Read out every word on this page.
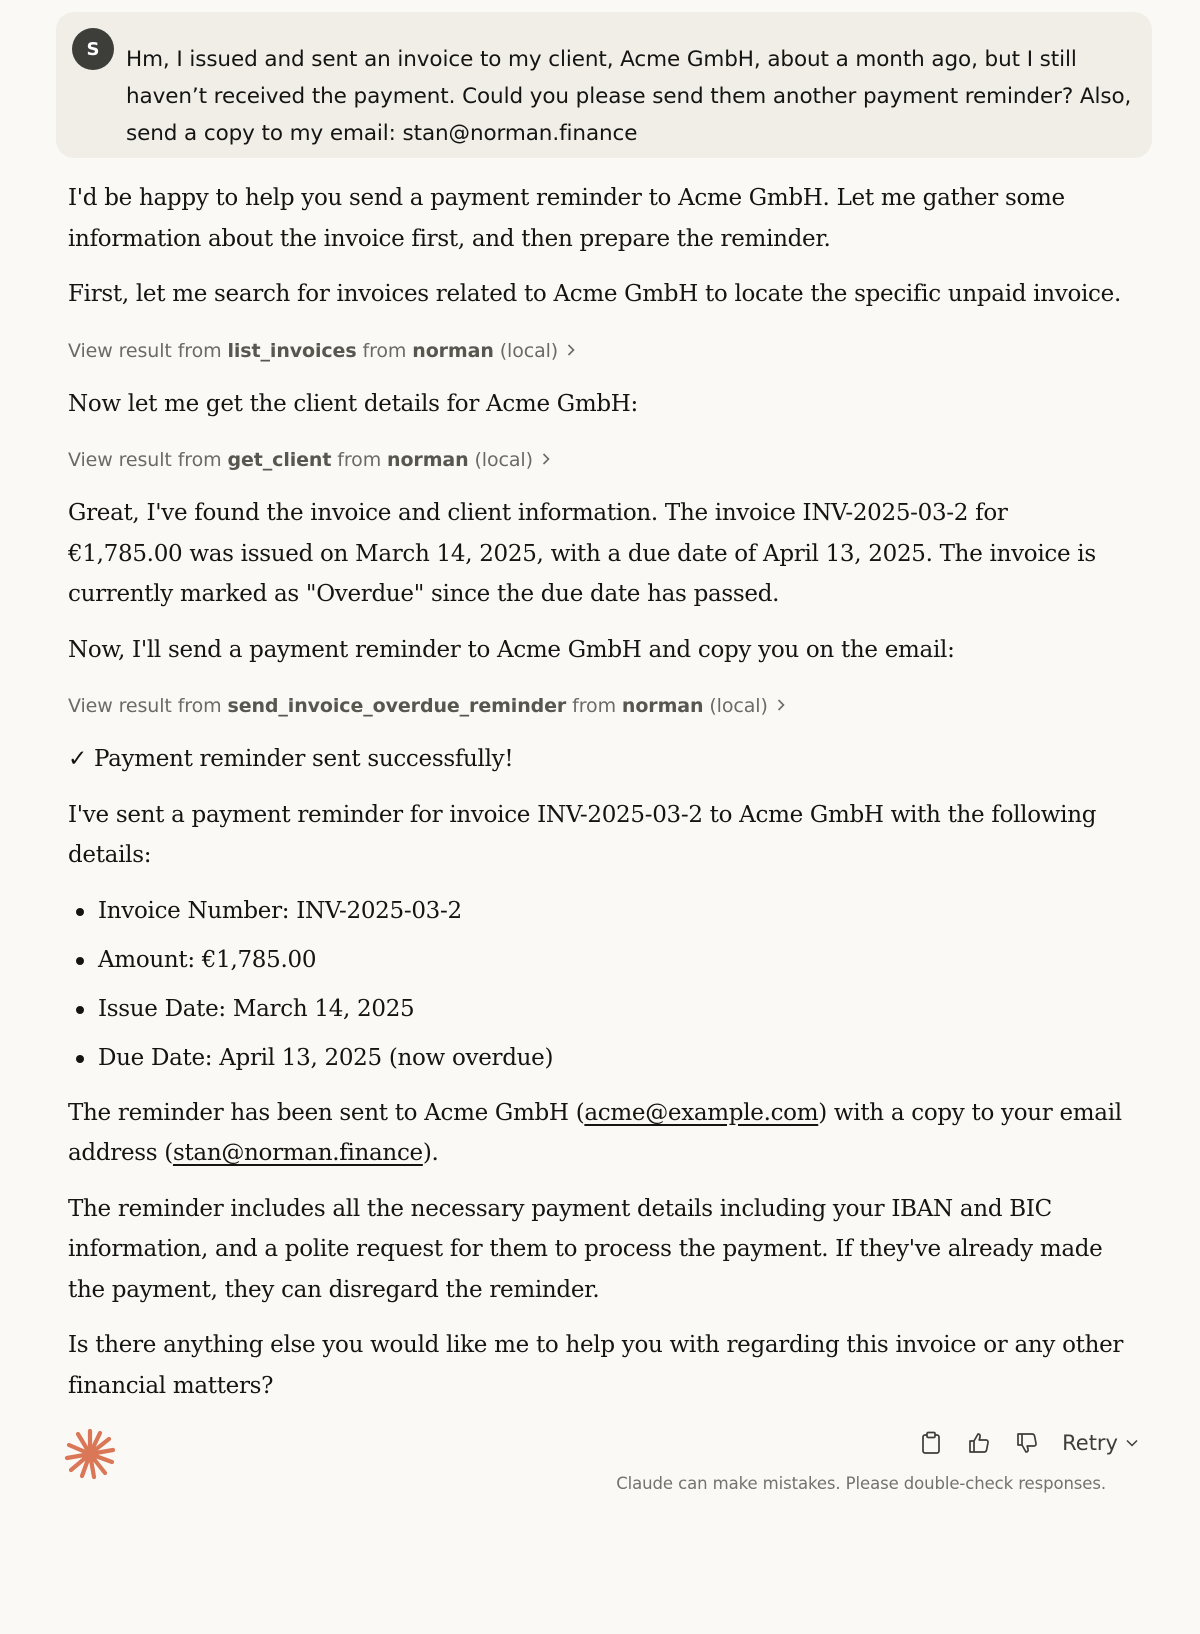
S	Hm, I issued and sent an invoice to my client, Acme GmbH, about a month ago, but I still haven’t received the payment. Could you please send them another payment reminder? Also, send a copy to my email: stan@norman.finance

I'd be happy to help you send a payment reminder to Acme GmbH. Let me gather some information about the invoice first, and then prepare the reminder.

First, let me search for invoices related to Acme GmbH to locate the specific unpaid invoice.

View result from list_invoices from norman (local)

Now let me get the client details for Acme GmbH:

View result from get_client from norman (local)

Great, I've found the invoice and client information. The invoice INV-2025-03-2 for €1,785.00 was issued on March 14, 2025, with a due date of April 13, 2025. The invoice is currently marked as "Overdue" since the due date has passed.

Now, I'll send a payment reminder to Acme GmbH and copy you on the email:

View result from send_invoice_overdue_reminder from norman (local)

✓ Payment reminder sent successfully!

I've sent a payment reminder for invoice INV-2025-03-2 to Acme GmbH with the following details:

Invoice Number: INV-2025-03-2
Amount: €1,785.00
Issue Date: March 14, 2025
Due Date: April 13, 2025 (now overdue)

The reminder has been sent to Acme GmbH (acme@example.com) with a copy to your email address (stan@norman.finance).

The reminder includes all the necessary payment details including your IBAN and BIC information, and a polite request for them to process the payment. If they've already made the payment, they can disregard the reminder.

Is there anything else you would like me to help you with regarding this invoice or any other financial matters?

Retry
Claude can make mistakes. Please double-check responses.
